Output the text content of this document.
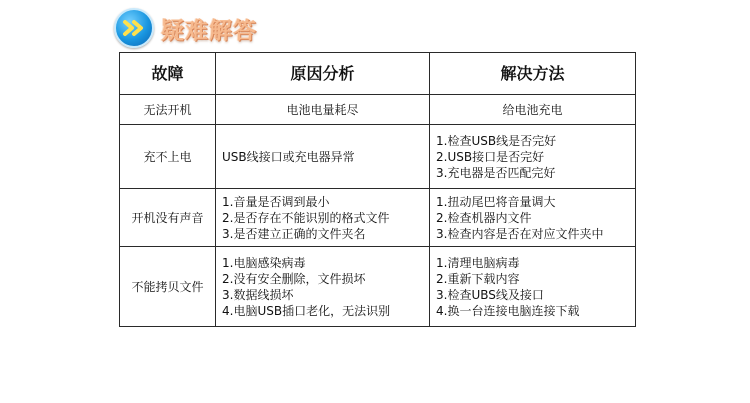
疑难解答
故障	原因分析	解决方法
无法开机	电池电量耗尽	给电池充电

充不上电	USB线接口或充电器异常	1.检查USB线是否完好
2.USB接口是否完好
3.充电器是否匹配完好

开机没有声音	1.音量是否调到最小
2.是否存在不能识别的格式文件
3.是否建立正确的文件夹名	1.扭动尾巴将音量调大
2.检查机器内文件
3.检查内容是否在对应文件夹中

不能拷贝文件	1.电脑感染病毒
2.没有安全删除，文件损坏
3.数据线损坏
4.电脑USB插口老化，无法识别	1.清理电脑病毒
2.重新下载内容
3.检查UBS线及接口
4.换一台连接电脑连接下载
